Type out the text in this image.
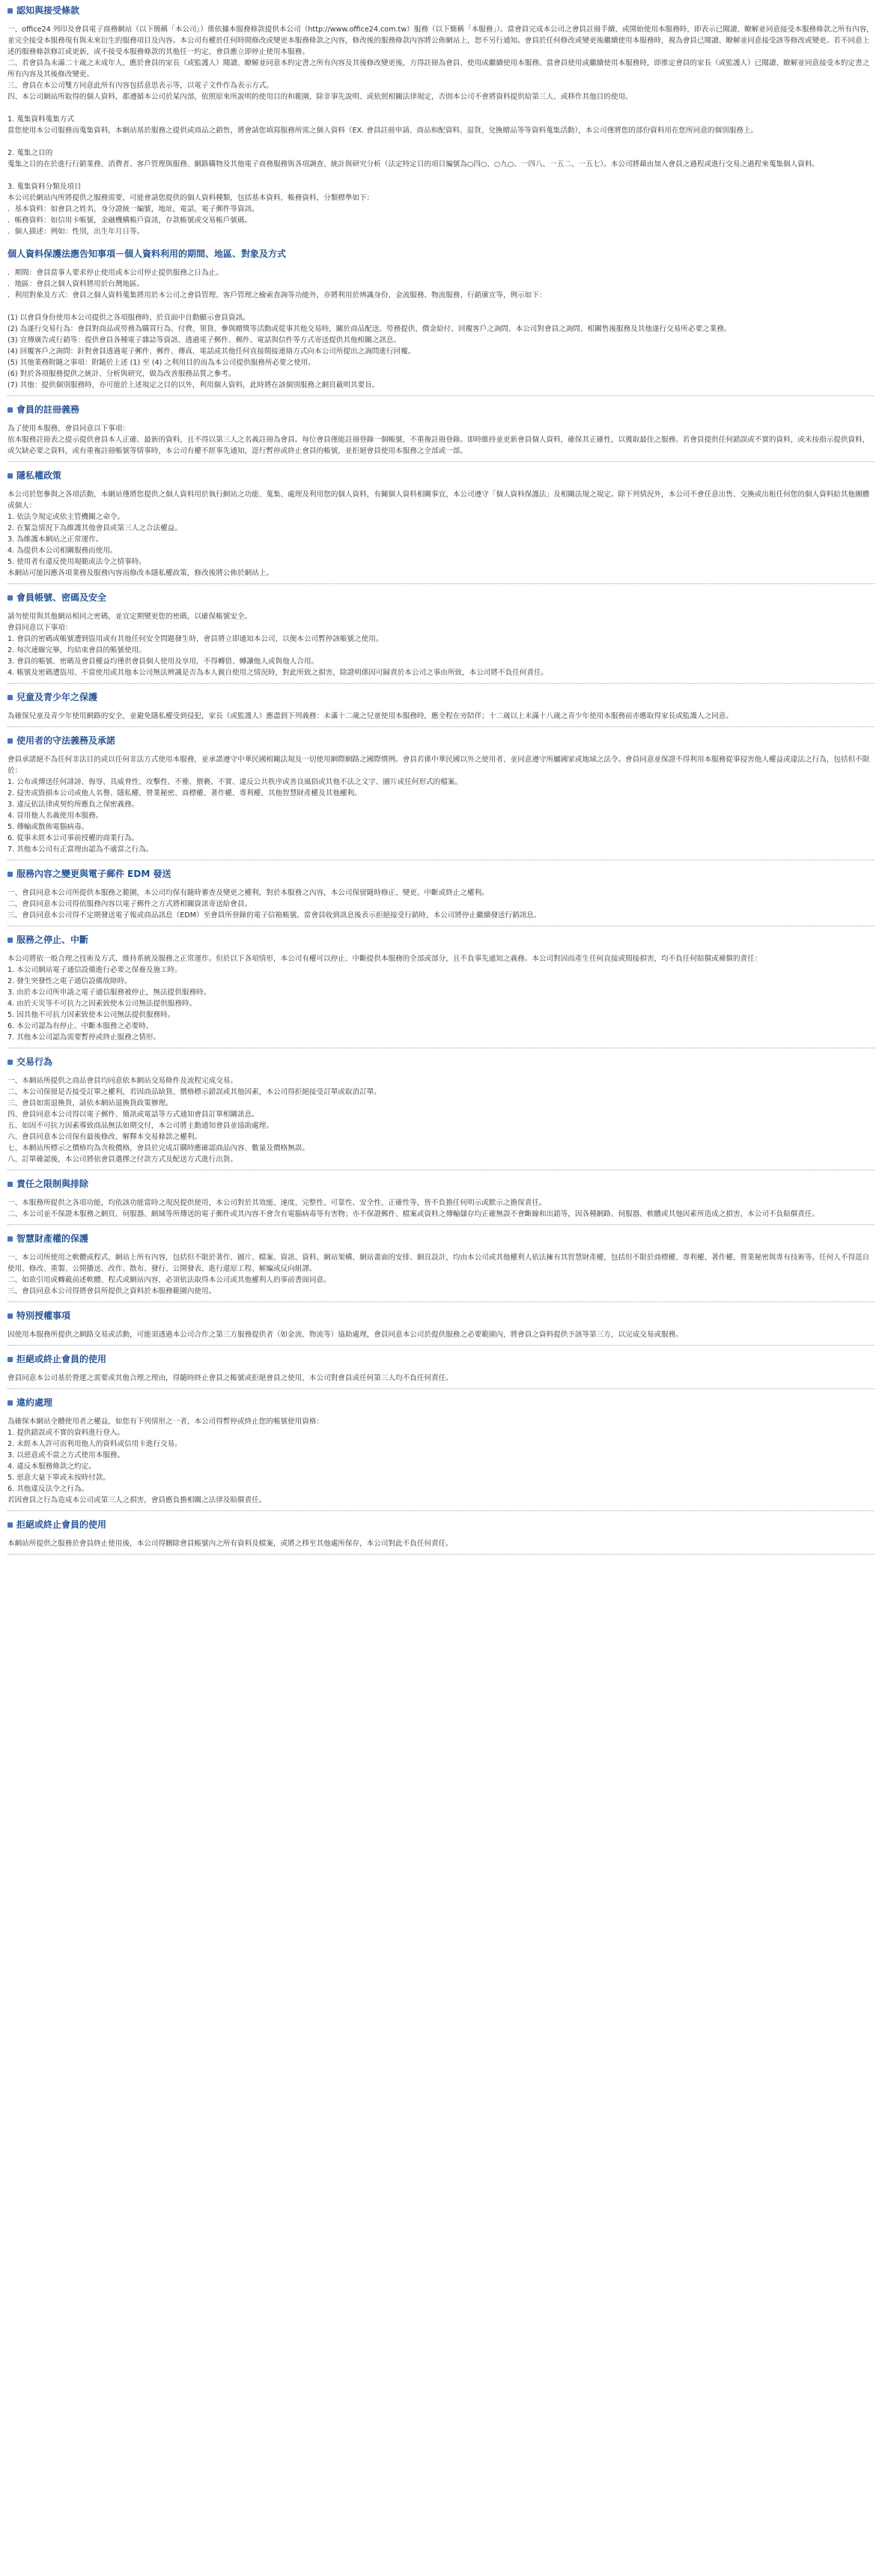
認知與接受條款

一、office24 列印及會員電子商務網站（以下簡稱「本公司」）係依據本服務條款提供本公司（http://www.office24.com.tw）服務（以下簡稱「本服務」）。當會員完成本公司之會員註冊手續、或開始使用本服務時，即表示已閱讀、瞭解並同意接受本服務條款之所有內容，並完全接受本服務現有與未來衍生的服務項目及內容。本公司有權於任何時間修改或變更本服務條款之內容，修改後的服務條款內容將公佈網站上，恕不另行通知。會員於任何修改或變更後繼續使用本服務時，視為會員已閱讀、瞭解並同意接受該等修改或變更。若不同意上述的服務條款修訂或更新，或不接受本服務條款的其他任一約定，會員應立即停止使用本服務。

二、若會員為未滿二十歲之未成年人，應於會員的家長（或監護人）閱讀、瞭解並同意本約定書之所有內容及其後修改變更後，方得註冊為會員、使用或繼續使用本服務。當會員使用或繼續使用本服務時，即推定會員的家長（或監護人）已閱讀、瞭解並同意接受本約定書之所有內容及其後修改變更。

三、會員在本公司雙方同意此所有內容包括意思表示等，以電子文件作為表示方式。

四、本公司網站所取得的個人資料，都遵循本公司於某內部，依照原來所說明的使用目的和範圍，除非事先說明、或依照相關法律規定，否則本公司不會將資料提供給第三人、或移作其他目的使用。

1. 蒐集資料蒐集方式

當您使用本公司服務而蒐集資料，本網站基於服務之提供或商品之銷售，將會請您填寫服務所需之個人資料（EX. 會員註冊申請、商品和配資料、退貨、兌換贈品等等資料蒐集活動），本公司僅將您的部份資料用在您所同意的個別服務上。

2. 蒐集之目的

蒐集之目的在於進行行銷業務、消費者、客戶管理與服務、網路購物及其他電子商務服務與各項調查、統計與研究分析（法定特定目的項目編號為○四○、○九○、一四八、一五二、一五七）。本公司將藉由加入會員之過程或進行交易之過程來蒐集個人資料。

3. 蒐集資料分類及項目

本公司於網站內所將提供之服務需要，可能會請您提供的個人資料種類，包括基本資料，帳務資料，分類標準如下：
．基本資料：如會員之姓名，身分證統一編號，地址，電話，電子郵件等資訊。
．帳務資料：如信用卡帳號，金融機構帳戶資訊，存款帳號或交易帳戶號碼。
．個人描述：例如：性別，出生年月日等。

個人資料保護法應告知事項－個人資料利用的期間、地區、對象及方式

．期間：會員當事人要求停止使用或本公司停止提供服務之日為止。

．地區：會員之個人資料將用於台灣地區。

．利用對象及方式：會員之個人資料蒐集將用於本公司之會員管理、客戶管理之檢索查詢等功能外，亦將利用於辨識身份、金流服務、物流服務、行銷廣宣等，例示如下：

(1) 以會員身份使用本公司提供之各項服務時，於頁面中自動顯示會員資訊。

(2) 為遂行交易行為：會員對商品或勞務為購買行為、付費、領貨、參與贈獎等活動或從事其他交易時，關於商品配送、勞務提供、價金給付、回覆客戶之詢問、本公司對會員之詢問、相關售後服務及其他遂行交易所必要之業務。

(3) 宣傳廣告或行銷等：提供會員各種電子雜誌等資訊、透過電子郵件、郵件、電話與信件等方式寄送提供其他相關之訊息。

(4) 回覆客戶之詢問：針對會員透過電子郵件、郵件、傳真、電話或其他任何直接間接連絡方式向本公司所提出之詢問進行回覆。

(5) 其他業務附隨之事項：附隨於上述 (1) 至 (4) 之利用目的而為本公司提供服務所必要之使用。

(6) 對於各項服務提供之統計、分析與研究，做為改善服務品質之參考。

(7) 其他：提供個別服務時，亦可能於上述規定之目的以外，利用個人資料，此時將在該個別服務之網頁載明其要旨。

會員的註冊義務

為了使用本服務，會員同意以下事項：

依本服務註冊表之提示提供會員本人正確、最新的資料，且不得以第三人之名義註冊為會員。每位會員僅能註冊登錄一個帳號，不重複註冊登錄。即時維持並更新會員個人資料，確保其正確性，以獲取最佳之服務。若會員提供任何錯誤或不實的資料，或未按指示提供資料，或欠缺必要之資料，或有重複註冊帳號等情事時，本公司有權不經事先通知，逕行暫停或終止會員的帳號，並拒絕會員使用本服務之全部或一部。

隱私權政策

本公司於您參與之各項活動，本網站僅將您提供之個人資料用於執行網站之功能、蒐集、處理及利用您的個人資料，有關個人資料相關事宜，本公司遵守「個人資料保護法」及相關法規之規定。除下列情況外，本公司不會任意出售、交換或出租任何您的個人資料給其他團體或個人：

1. 依法令規定或依主管機關之命令。

2. 在緊急情況下為維護其他會員或第三人之合法權益。

3. 為維護本網站之正常運作。

4. 為提供本公司相關服務而使用。

5. 使用者有違反使用規範或法令之情事時。

本網站可能因應各項業務及服務內容而修改本隱私權政策，修改後將公佈於網站上。

會員帳號、密碼及安全

請勿使用與其他網站相同之密碼，並宜定期變更您的密碼，以確保帳號安全。

會員同意以下事項：

1. 會員的密碼或帳號遭到盜用或有其他任何安全問題發生時，會員將立即通知本公司，以便本公司暫停該帳號之使用。

2. 每次連線完畢，均結束會員的帳號使用。

3. 會員的帳號、密碼及會員權益均僅供會員個人使用及享用，不得轉借、轉讓他人或與他人合用。

4. 帳號及密碼遭盜用、不當使用或其他本公司無法辨識是否為本人親自使用之情況時，對此所致之損害，除證明係因可歸責於本公司之事由所致，本公司將不負任何責任。

兒童及青少年之保護

為確保兒童及青少年使用網路的安全，並避免隱私權受到侵犯，家長（或監護人）應盡到下列義務：未滿十二歲之兒童使用本服務時，應全程在旁陪伴；十二歲以上未滿十八歲之青少年使用本服務前亦應取得家長或監護人之同意。

使用者的守法義務及承諾

會員承諾絕不為任何非法目的或以任何非法方式使用本服務，並承諾遵守中華民國相關法規及一切使用網際網路之國際慣例。會員若係中華民國以外之使用者，並同意遵守所屬國家或地域之法令。會員同意並保證不得利用本服務從事侵害他人權益或違法之行為，包括但不限於：

1. 公布或傳送任何誹謗、侮辱、具威脅性、攻擊性、不雅、猥褻、不實、違反公共秩序或善良風俗或其他不法之文字、圖片或任何形式的檔案。

2. 侵害或毀損本公司或他人名譽、隱私權、營業秘密、商標權、著作權、專利權、其他智慧財產權及其他權利。

3. 違反依法律或契約所應負之保密義務。

4. 冒用他人名義使用本服務。

5. 傳輸或散佈電腦病毒。

6. 從事未經本公司事前授權的商業行為。

7. 其他本公司有正當理由認為不適當之行為。

服務內容之變更與電子郵件 EDM 發送

一、會員同意本公司所提供本服務之範圍，本公司均保有隨時審查及變更之權利，對於本服務之內容，本公司保留隨時修正、變更、中斷或終止之權利。

二、會員同意本公司得依服務內容以電子郵件之方式將相關資訊寄送給會員。

三、會員同意本公司得不定期發送電子報或商品訊息（EDM）至會員所登錄的電子信箱帳號。當會員收到訊息後表示拒絕接受行銷時，本公司將停止繼續發送行銷訊息。

服務之停止、中斷

本公司將依一般合理之技術及方式，維持系統及服務之正常運作。但於以下各項情形，本公司有權可以停止、中斷提供本服務的全部或部分，且不負事先通知之義務。本公司對因而產生任何直接或間接損害，均不負任何賠償或補償的責任：

1. 本公司網站電子通信設備進行必要之保養及施工時。

2. 發生突發性之電子通信設備故障時。

3. 由於本公司所申請之電子通信服務被停止，無法提供服務時。

4. 由於天災等不可抗力之因素致使本公司無法提供服務時。

5. 因其他不可抗力因素致使本公司無法提供服務時。

6. 本公司認為有停止、中斷本服務之必要時。

7. 其他本公司認為需要暫停或終止服務之情形。

交易行為

一、本網站所提供之商品會員均同意依本網站交易條件及流程完成交易。

二、本公司保留是否接受訂單之權利，若因商品缺貨、價格標示錯誤或其他因素，本公司得拒絕接受訂單或取消訂單。

三、會員如需退換貨，請依本網站退換貨政策辦理。

四、會員同意本公司得以電子郵件、簡訊或電話等方式通知會員訂單相關訊息。

五、如因不可抗力因素導致商品無法如期交付，本公司將主動通知會員並協助處理。

六、會員同意本公司保有最後修改、解釋本交易條款之權利。

七、本網站所標示之價格均為含稅價格，會員於完成訂購時應確認商品內容、數量及價格無誤。

八、訂單確認後，本公司將依會員選擇之付款方式及配送方式進行出貨。

責任之限制與排除

一、本服務所提供之各項功能，均依該功能當時之現況提供使用，本公司對於其效能、速度、完整性、可靠性、安全性、正確性等，皆不負擔任何明示或默示之擔保責任。

二、本公司並不保證本服務之網頁、伺服器、網域等所傳送的電子郵件或其內容不會含有電腦病毒等有害物；亦不保證郵件、檔案或資料之傳輸儲存均正確無誤不會斷線和出錯等，因各種網路、伺服器、軟體或其他因素所造成之損害，本公司不負賠償責任。

智慧財產權的保護

一、本公司所使用之軟體或程式、網站上所有內容，包括但不限於著作、圖片、檔案、資訊、資料、網站架構、網站畫面的安排、網頁設計，均由本公司或其他權利人依法擁有其智慧財產權，包括但不限於商標權、專利權、著作權、營業秘密與專有技術等。任何人不得逕自使用、修改、重製、公開播送、改作、散布、發行、公開發表、進行還原工程、解編或反向組譯。

二、如欲引用或轉載前述軟體、程式或網站內容，必須依法取得本公司或其他權利人的事前書面同意。

三、會員同意本公司得將會員所提供之資料於本服務範圍內使用。

特別授權事項

因使用本服務所提供之網路交易或活動，可能須透過本公司合作之第三方服務提供者（如金流、物流等）協助處理，會員同意本公司於提供服務之必要範圍內，將會員之資料提供予該等第三方，以完成交易或服務。

拒絕或終止會員的使用

會員同意本公司基於營運之需要或其他合理之理由，得隨時終止會員之帳號或拒絕會員之使用，本公司對會員或任何第三人均不負任何責任。

違約處理

為確保本網站全體使用者之權益，如您有下列情形之一者，本公司得暫停或終止您的帳號使用資格：

1. 提供錯誤或不實的資料進行登入。

2. 未經本人許可而利用他人的資料或信用卡進行交易。

3. 以惡意或不當之方式使用本服務。

4. 違反本服務條款之約定。

5. 惡意大量下單或未按時付款。

6. 其他違反法令之行為。

若因會員之行為造成本公司或第三人之損害，會員應負擔相關之法律及賠償責任。

拒絕或終止會員的使用

本網站所提供之服務於會員終止使用後，本公司得刪除會員帳號內之所有資料及檔案，或將之移至其他處所保存，本公司對此不負任何責任。
